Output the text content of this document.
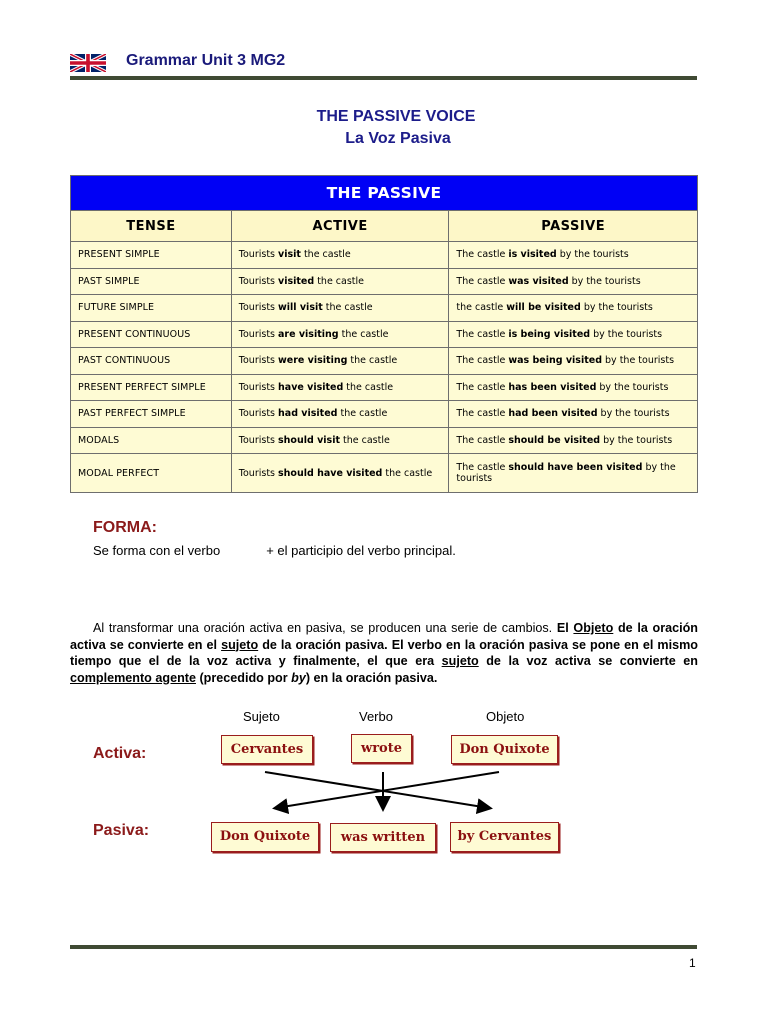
Grammar Unit 3 MG2
THE PASSIVE VOICE
La Voz Pasiva
THE PASSIVE		
TENSE	ACTIVE	PASSIVE
PRESENT SIMPLE	Tourists visit the castle	The castle is visited by the tourists
PAST SIMPLE	Tourists visited the castle	The castle was visited by the tourists
FUTURE SIMPLE	Tourists will visit the castle	the castle will be visited by the tourists
PRESENT CONTINUOUS	Tourists are visiting the castle	The castle is being visited by the tourists
PAST CONTINUOUS	Tourists were visiting the castle	The castle was being visited by the tourists
PRESENT PERFECT SIMPLE	Tourists have visited the castle	The castle has been visited by the tourists
PAST PERFECT SIMPLE	Tourists had visited the castle	The castle had been visited by the tourists
MODALS	Tourists should visit the castle	The castle should be visited by the tourists
MODAL PERFECT	Tourists should have visited the castle	The castle should have been visited by the tourists
FORMA:
Se forma con el verbo	+ el participio del verbo principal.
Al transformar una oración activa en pasiva, se producen una serie de cambios. El Objeto de la oración activa se convierte en el sujeto de la oración pasiva. El verbo en la oración pasiva se pone en el mismo tiempo que el de la voz activa y finalmente, el que era sujeto de la voz activa se convierte en complemento agente (precedido por by) en la oración pasiva.
Sujeto	Verbo	Objeto
Activa:
Pasiva:
Cervantes	wrote	Don Quixote
Don Quixote	was written	by Cervantes
1
